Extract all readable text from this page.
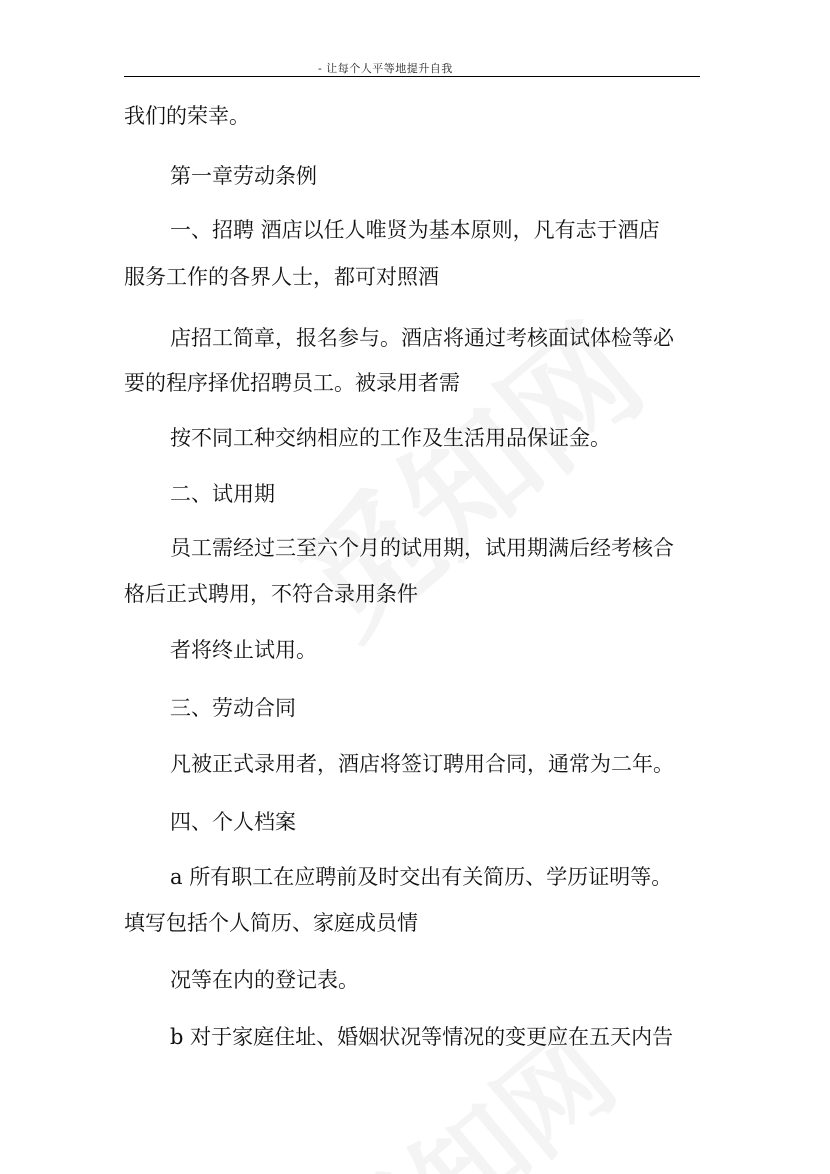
- 让每个人平等地提升自我
我们的荣幸。
第一章劳动条例
一、招聘 酒店以任人唯贤为基本原则，凡有志于酒店
服务工作的各界人士，都可对照酒
店招工简章，报名参与。酒店将通过考核面试体检等必
要的程序择优招聘员工。被录用者需
按不同工种交纳相应的工作及生活用品保证金。
二、试用期
员工需经过三至六个月的试用期，试用期满后经考核合
格后正式聘用，不符合录用条件
者将终止试用。
三、劳动合同
凡被正式录用者，酒店将签订聘用合同，通常为二年。
四、个人档案
a 所有职工在应聘前及时交出有关简历、学历证明等。
填写包括个人简历、家庭成员情
况等在内的登记表。
b 对于家庭住址、婚姻状况等情况的变更应在五天内告
